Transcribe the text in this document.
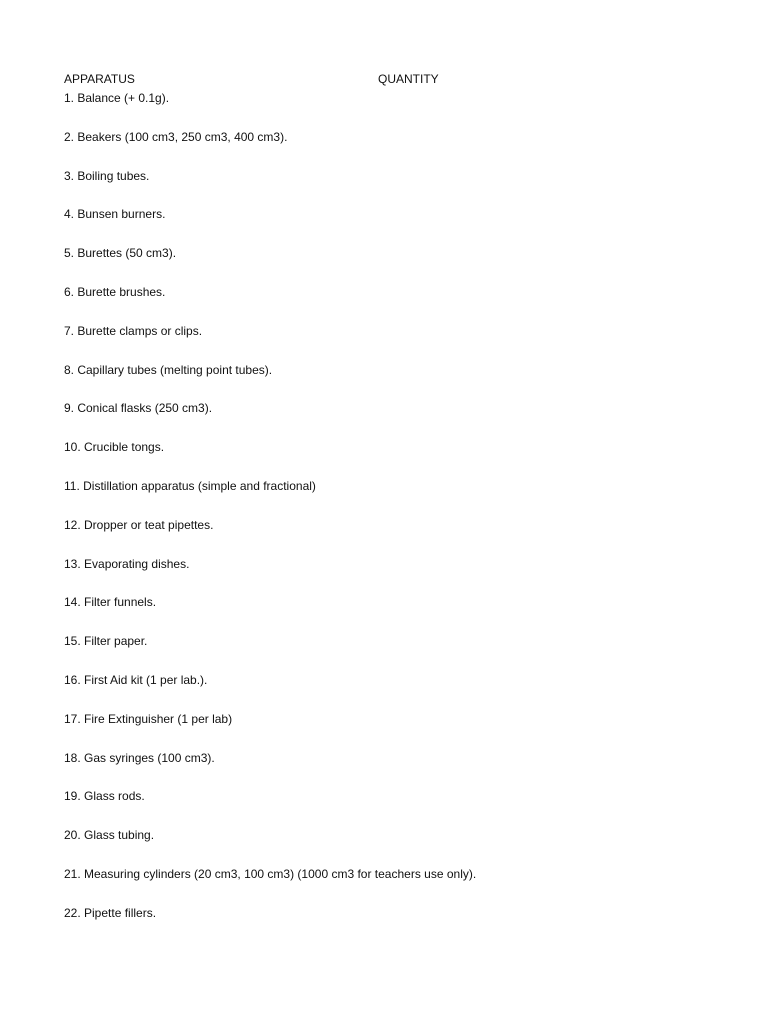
APPARATUS	QUANTITY
1. Balance (+ 0.1g).
2. Beakers (100 cm3, 250 cm3, 400 cm3).
3. Boiling tubes.
4. Bunsen burners.
5. Burettes (50 cm3).
6. Burette brushes.
7. Burette clamps or clips.
8. Capillary tubes (melting point tubes).
9. Conical flasks (250 cm3).
10. Crucible tongs.
11. Distillation apparatus (simple and fractional)
12. Dropper or teat pipettes.
13. Evaporating dishes.
14. Filter funnels.
15. Filter paper.
16. First Aid kit (1 per lab.).
17. Fire Extinguisher (1 per lab)
18. Gas syringes (100 cm3).
19. Glass rods.
20. Glass tubing.
21. Measuring cylinders (20 cm3, 100 cm3) (1000 cm3 for teachers use only).
22. Pipette fillers.
